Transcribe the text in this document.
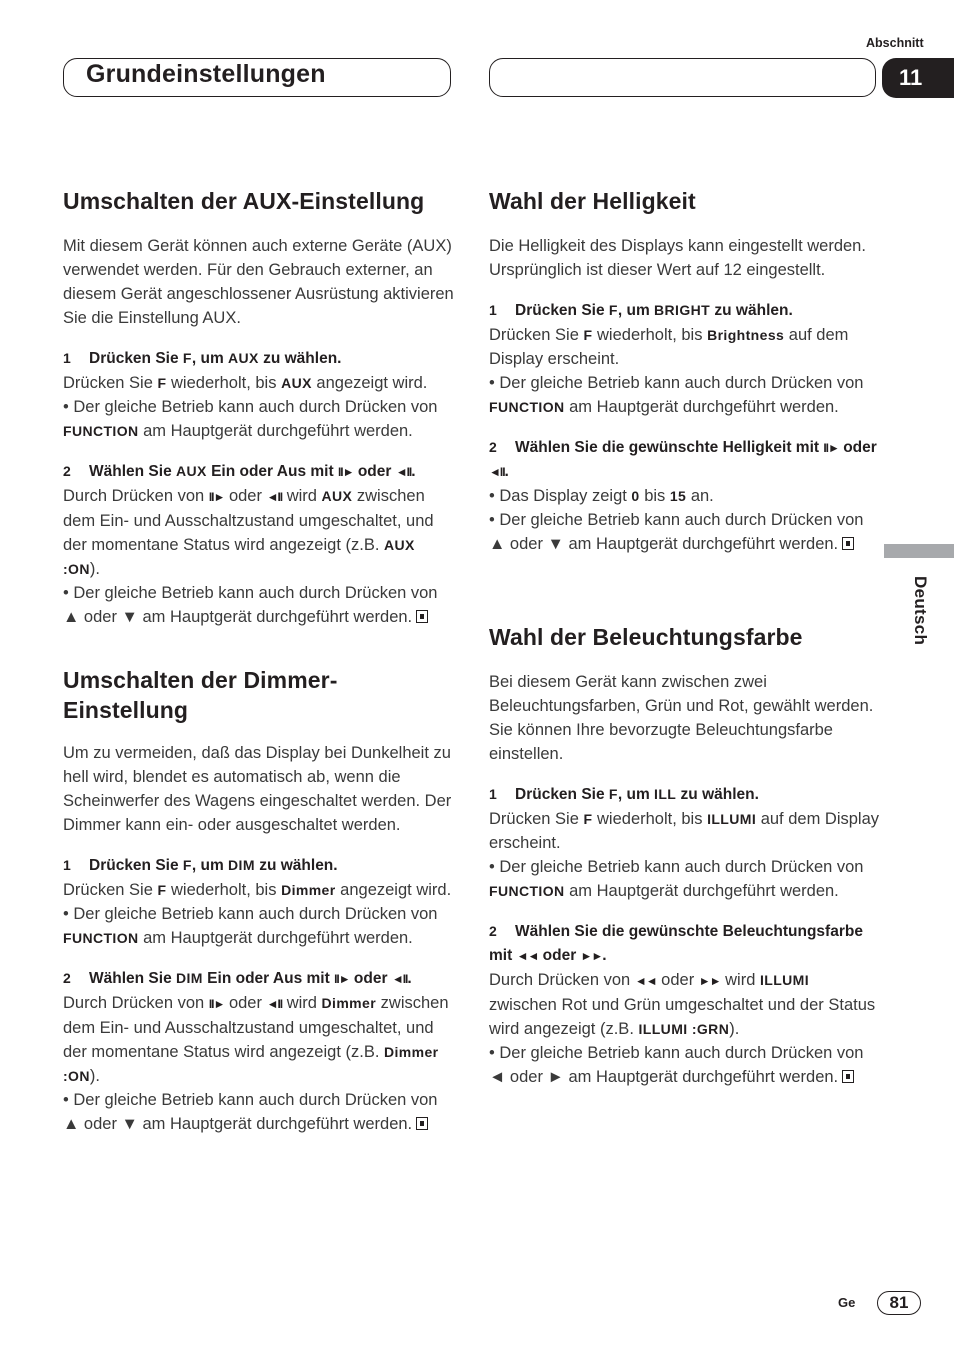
Grundeinstellungen
Abschnitt
11
Deutsch
Umschalten der AUX-Einstellung

Mit diesem Gerät können auch externe Geräte (AUX) verwendet werden. Für den Gebrauch externer, an diesem Gerät angeschlossener Ausrüstung aktivieren Sie die Einstellung AUX.

1 Drücken Sie F, um AUX zu wählen.

Drücken Sie F wiederholt, bis AUX angezeigt wird.

• Der gleiche Betrieb kann auch durch Drücken von FUNCTION am Hauptgerät durchgeführt werden.

2 Wählen Sie AUX Ein oder Aus mit II► oder ◄II.

Durch Drücken von II► oder ◄II wird AUX zwischen dem Ein- und Ausschaltzustand umgeschaltet, und der momentane Status wird angezeigt (z.B. AUX :ON).

• Der gleiche Betrieb kann auch durch Drücken von ▲ oder ▼ am Hauptgerät durchgeführt werden.

Umschalten der Dimmer-
Einstellung

Um zu vermeiden, daß das Display bei Dunkelheit zu hell wird, blendet es automatisch ab, wenn die Scheinwerfer des Wagens eingeschaltet werden. Der Dimmer kann ein- oder ausgeschaltet werden.

1 Drücken Sie F, um DIM zu wählen.

Drücken Sie F wiederholt, bis Dimmer angezeigt wird.

• Der gleiche Betrieb kann auch durch Drücken von FUNCTION am Hauptgerät durchgeführt werden.

2 Wählen Sie DIM Ein oder Aus mit II► oder ◄II.

Durch Drücken von II► oder ◄II wird Dimmer zwischen dem Ein- und Ausschaltzustand umgeschaltet, und der momentane Status wird angezeigt (z.B. Dimmer :ON).

• Der gleiche Betrieb kann auch durch Drücken von ▲ oder ▼ am Hauptgerät durchgeführt werden.

Wahl der Helligkeit

Die Helligkeit des Displays kann eingestellt werden. Ursprünglich ist dieser Wert auf 12 eingestellt.

1 Drücken Sie F, um BRIGHT zu wählen.

Drücken Sie F wiederholt, bis Brightness auf dem Display erscheint.

• Der gleiche Betrieb kann auch durch Drücken von FUNCTION am Hauptgerät durchgeführt werden.

2 Wählen Sie die gewünschte Helligkeit mit II► oder ◄II.

• Das Display zeigt 0 bis 15 an.

• Der gleiche Betrieb kann auch durch Drücken von ▲ oder ▼ am Hauptgerät durchgeführt werden.

Wahl der Beleuchtungsfarbe

Bei diesem Gerät kann zwischen zwei Beleuchtungsfarben, Grün und Rot, gewählt werden.

Sie können Ihre bevorzugte Beleuchtungsfarbe einstellen.

1 Drücken Sie F, um ILL zu wählen.

Drücken Sie F wiederholt, bis ILLUMI auf dem Display erscheint.

• Der gleiche Betrieb kann auch durch Drücken von FUNCTION am Hauptgerät durchgeführt werden.

2 Wählen Sie die gewünschte Beleuchtungsfarbe mit ◄◄ oder ►►.

Durch Drücken von ◄◄ oder ►► wird ILLUMI zwischen Rot und Grün umgeschaltet und der Status wird angezeigt (z.B. ILLUMI :GRN).

• Der gleiche Betrieb kann auch durch Drücken von ◄ oder ► am Hauptgerät durchgeführt werden.

Ge	81
